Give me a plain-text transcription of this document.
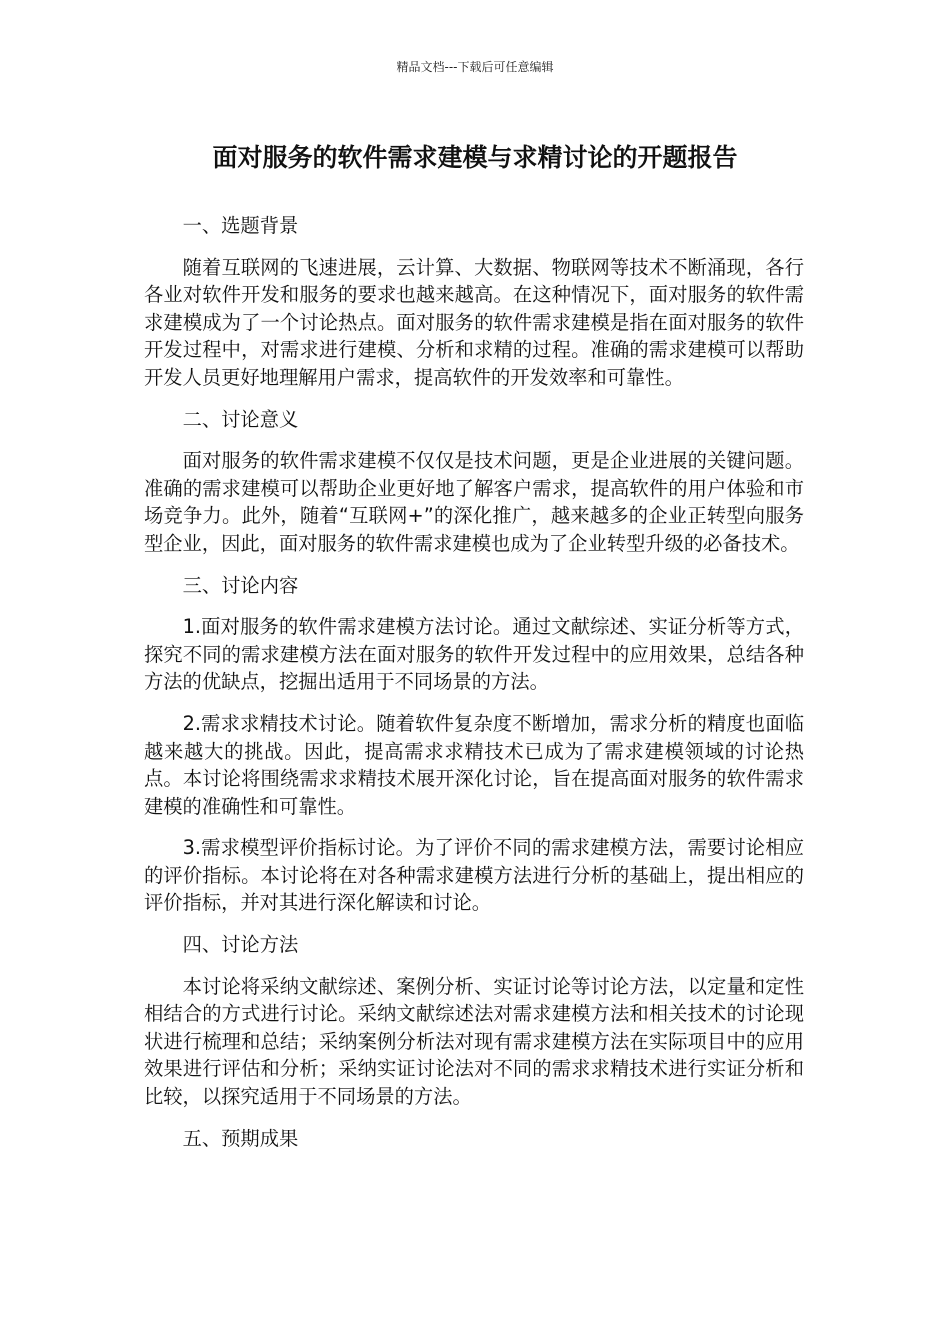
精品文档---下载后可任意编辑
面对服务的软件需求建模与求精讨论的开题报告

一、选题背景

随着互联网的飞速进展，云计算、大数据、物联网等技术不断涌现，各行各业对软件开发和服务的要求也越来越高。在这种情况下，面对服务的软件需求建模成为了一个讨论热点。面对服务的软件需求建模是指在面对服务的软件开发过程中，对需求进行建模、分析和求精的过程。准确的需求建模可以帮助开发人员更好地理解用户需求，提高软件的开发效率和可靠性。

二、讨论意义

面对服务的软件需求建模不仅仅是技术问题，更是企业进展的关键问题。准确的需求建模可以帮助企业更好地了解客户需求，提高软件的用户体验和市场竞争力。此外，随着“互联网+”的深化推广，越来越多的企业正转型向服务型企业，因此，面对服务的软件需求建模也成为了企业转型升级的必备技术。

三、讨论内容

1.面对服务的软件需求建模方法讨论。通过文献综述、实证分析等方式，探究不同的需求建模方法在面对服务的软件开发过程中的应用效果，总结各种方法的优缺点，挖掘出适用于不同场景的方法。

2.需求求精技术讨论。随着软件复杂度不断增加，需求分析的精度也面临越来越大的挑战。因此，提高需求求精技术已成为了需求建模领域的讨论热点。本讨论将围绕需求求精技术展开深化讨论，旨在提高面对服务的软件需求建模的准确性和可靠性。

3.需求模型评价指标讨论。为了评价不同的需求建模方法，需要讨论相应的评价指标。本讨论将在对各种需求建模方法进行分析的基础上，提出相应的评价指标，并对其进行深化解读和讨论。

四、讨论方法

本讨论将采纳文献综述、案例分析、实证讨论等讨论方法，以定量和定性相结合的方式进行讨论。采纳文献综述法对需求建模方法和相关技术的讨论现状进行梳理和总结；采纳案例分析法对现有需求建模方法在实际项目中的应用效果进行评估和分析；采纳实证讨论法对不同的需求求精技术进行实证分析和比较，以探究适用于不同场景的方法。

五、预期成果
